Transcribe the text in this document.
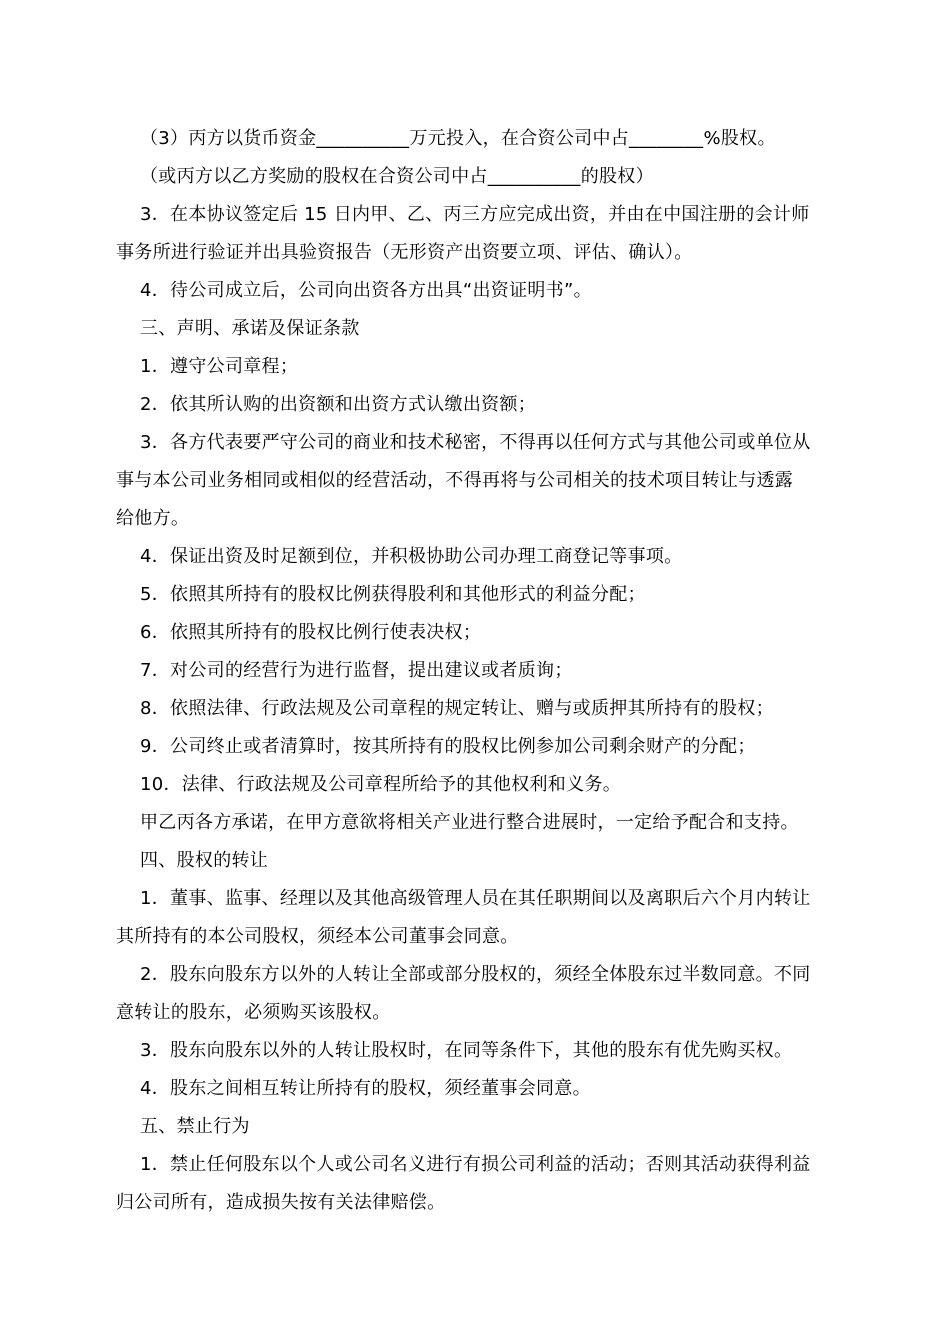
（3）丙方以货币资金__________万元投入，在合资公司中占________%股权。
（或丙方以乙方奖励的股权在合资公司中占__________的股权）
3．在本协议签定后 15 日内甲、乙、丙三方应完成出资，并由在中国注册的会计师
事务所进行验证并出具验资报告（无形资产出资要立项、评估、确认）。
4．待公司成立后，公司向出资各方出具“出资证明书”。
三、声明、承诺及保证条款
1．遵守公司章程；
2．依其所认购的出资额和出资方式认缴出资额；
3．各方代表要严守公司的商业和技术秘密，不得再以任何方式与其他公司或单位从
事与本公司业务相同或相似的经营活动，不得再将与公司相关的技术项目转让与透露
给他方。
4．保证出资及时足额到位，并积极协助公司办理工商登记等事项。
5．依照其所持有的股权比例获得股利和其他形式的利益分配；
6．依照其所持有的股权比例行使表决权；
7．对公司的经营行为进行监督，提出建议或者质询；
8．依照法律、行政法规及公司章程的规定转让、赠与或质押其所持有的股权；
9．公司终止或者清算时，按其所持有的股权比例参加公司剩余财产的分配；
10．法律、行政法规及公司章程所给予的其他权利和义务。
甲乙丙各方承诺，在甲方意欲将相关产业进行整合进展时，一定给予配合和支持。
四、股权的转让
1．董事、监事、经理以及其他高级管理人员在其任职期间以及离职后六个月内转让
其所持有的本公司股权，须经本公司董事会同意。
2．股东向股东方以外的人转让全部或部分股权的，须经全体股东过半数同意。不同
意转让的股东，必须购买该股权。
3．股东向股东以外的人转让股权时，在同等条件下，其他的股东有优先购买权。
4．股东之间相互转让所持有的股权，须经董事会同意。
五、禁止行为
1．禁止任何股东以个人或公司名义进行有损公司利益的活动；否则其活动获得利益
归公司所有，造成损失按有关法律赔偿。
